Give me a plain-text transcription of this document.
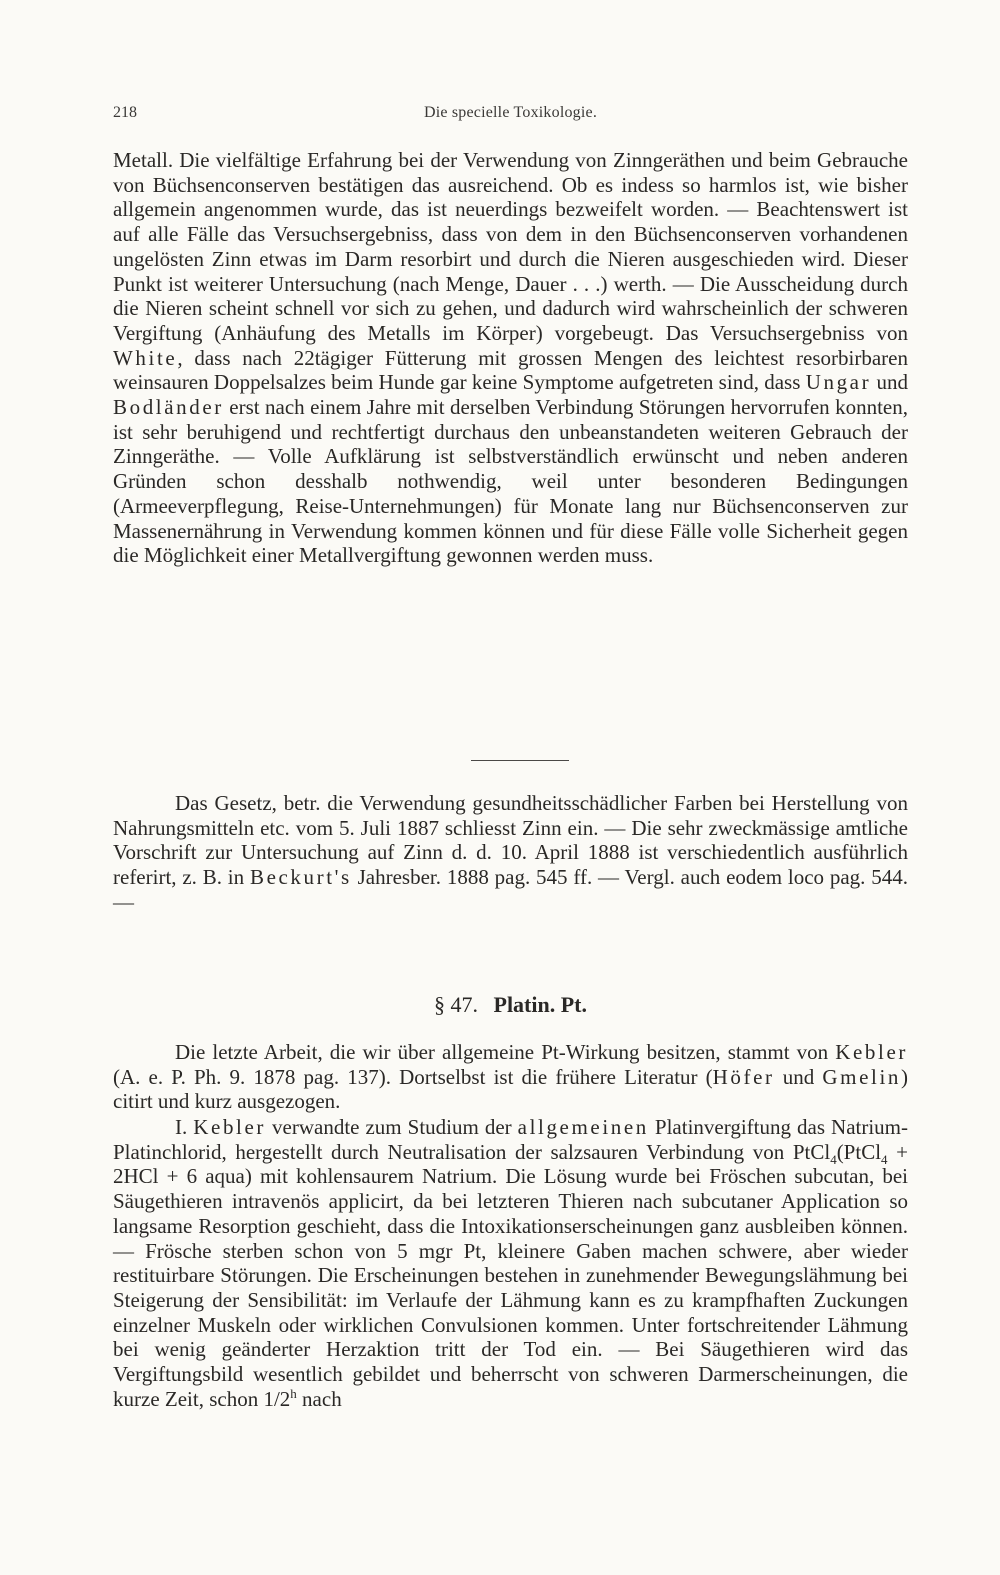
218	Die specielle Toxikologie.

Metall. Die vielfältige Erfahrung bei der Verwendung von Zinngeräthen und beim Gebrauche von Büchsenconserven bestätigen das ausreichend. Ob es indess so harmlos ist, wie bisher allgemein angenommen wurde, das ist neuerdings bezweifelt worden. — Beachtenswert ist auf alle Fälle das Versuchsergebniss, dass von dem in den Büchsenconserven vorhandenen ungelösten Zinn etwas im Darm resorbirt und durch die Nieren ausgeschieden wird. Dieser Punkt ist weiterer Untersuchung (nach Menge, Dauer . . .) werth. — Die Ausscheidung durch die Nieren scheint schnell vor sich zu gehen, und dadurch wird wahrscheinlich der schweren Vergiftung (Anhäufung des Metalls im Körper) vorgebeugt. Das Versuchsergebniss von White, dass nach 22tägiger Fütterung mit grossen Mengen des leichtest resorbirbaren weinsauren Doppelsalzes beim Hunde gar keine Symptome aufgetreten sind, dass Ungar und Bodländer erst nach einem Jahre mit derselben Verbindung Störungen hervorrufen konnten, ist sehr beruhigend und rechtfertigt durchaus den unbeanstandeten weiteren Gebrauch der Zinngeräthe. — Volle Aufklärung ist selbstverständlich erwünscht und neben anderen Gründen schon desshalb nothwendig, weil unter besonderen Bedingungen (Armeeverpflegung, Reise-Unternehmungen) für Monate lang nur Büchsenconserven zur Massenernährung in Verwendung kommen können und für diese Fälle volle Sicherheit gegen die Möglichkeit einer Metallvergiftung gewonnen werden muss.

Das Gesetz, betr. die Verwendung gesundheitsschädlicher Farben bei Herstellung von Nahrungsmitteln etc. vom 5. Juli 1887 schliesst Zinn ein. — Die sehr zweckmässige amtliche Vorschrift zur Untersuchung auf Zinn d. d. 10. April 1888 ist verschiedentlich ausführlich referirt, z. B. in Beckurt's Jahresber. 1888 pag. 545 ff. — Vergl. auch eodem loco pag. 544. —

§ 47. Platin. Pt.

Die letzte Arbeit, die wir über allgemeine Pt-Wirkung besitzen, stammt von Kebler (A. e. P. Ph. 9. 1878 pag. 137). Dortselbst ist die frühere Literatur (Höfer und Gmelin) citirt und kurz ausgezogen.

I. Kebler verwandte zum Studium der allgemeinen Platinvergiftung das Natrium-Platinchlorid, hergestellt durch Neutralisation der salzsauren Verbindung von PtCl$_4$(PtCl$_4$ + 2HCl + 6 aqua) mit kohlensaurem Natrium. Die Lösung wurde bei Fröschen subcutan, bei Säugethieren intravenös applicirt, da bei letzteren Thieren nach subcutaner Application so langsame Resorption geschieht, dass die Intoxikationserscheinungen ganz ausbleiben können. — Frösche sterben schon von 5 mgr Pt, kleinere Gaben machen schwere, aber wieder restituirbare Störungen. Die Erscheinungen bestehen in zunehmender Bewegungslähmung bei Steigerung der Sensibilität: im Verlaufe der Lähmung kann es zu krampfhaften Zuckungen einzelner Muskeln oder wirklichen Convulsionen kommen. Unter fortschreitender Lähmung bei wenig geänderter Herzaktion tritt der Tod ein. — Bei Säugethieren wird das Vergiftungsbild wesentlich gebildet und beherrscht von schweren Darmerscheinungen, die kurze Zeit, schon 1/2$^h$ nach
